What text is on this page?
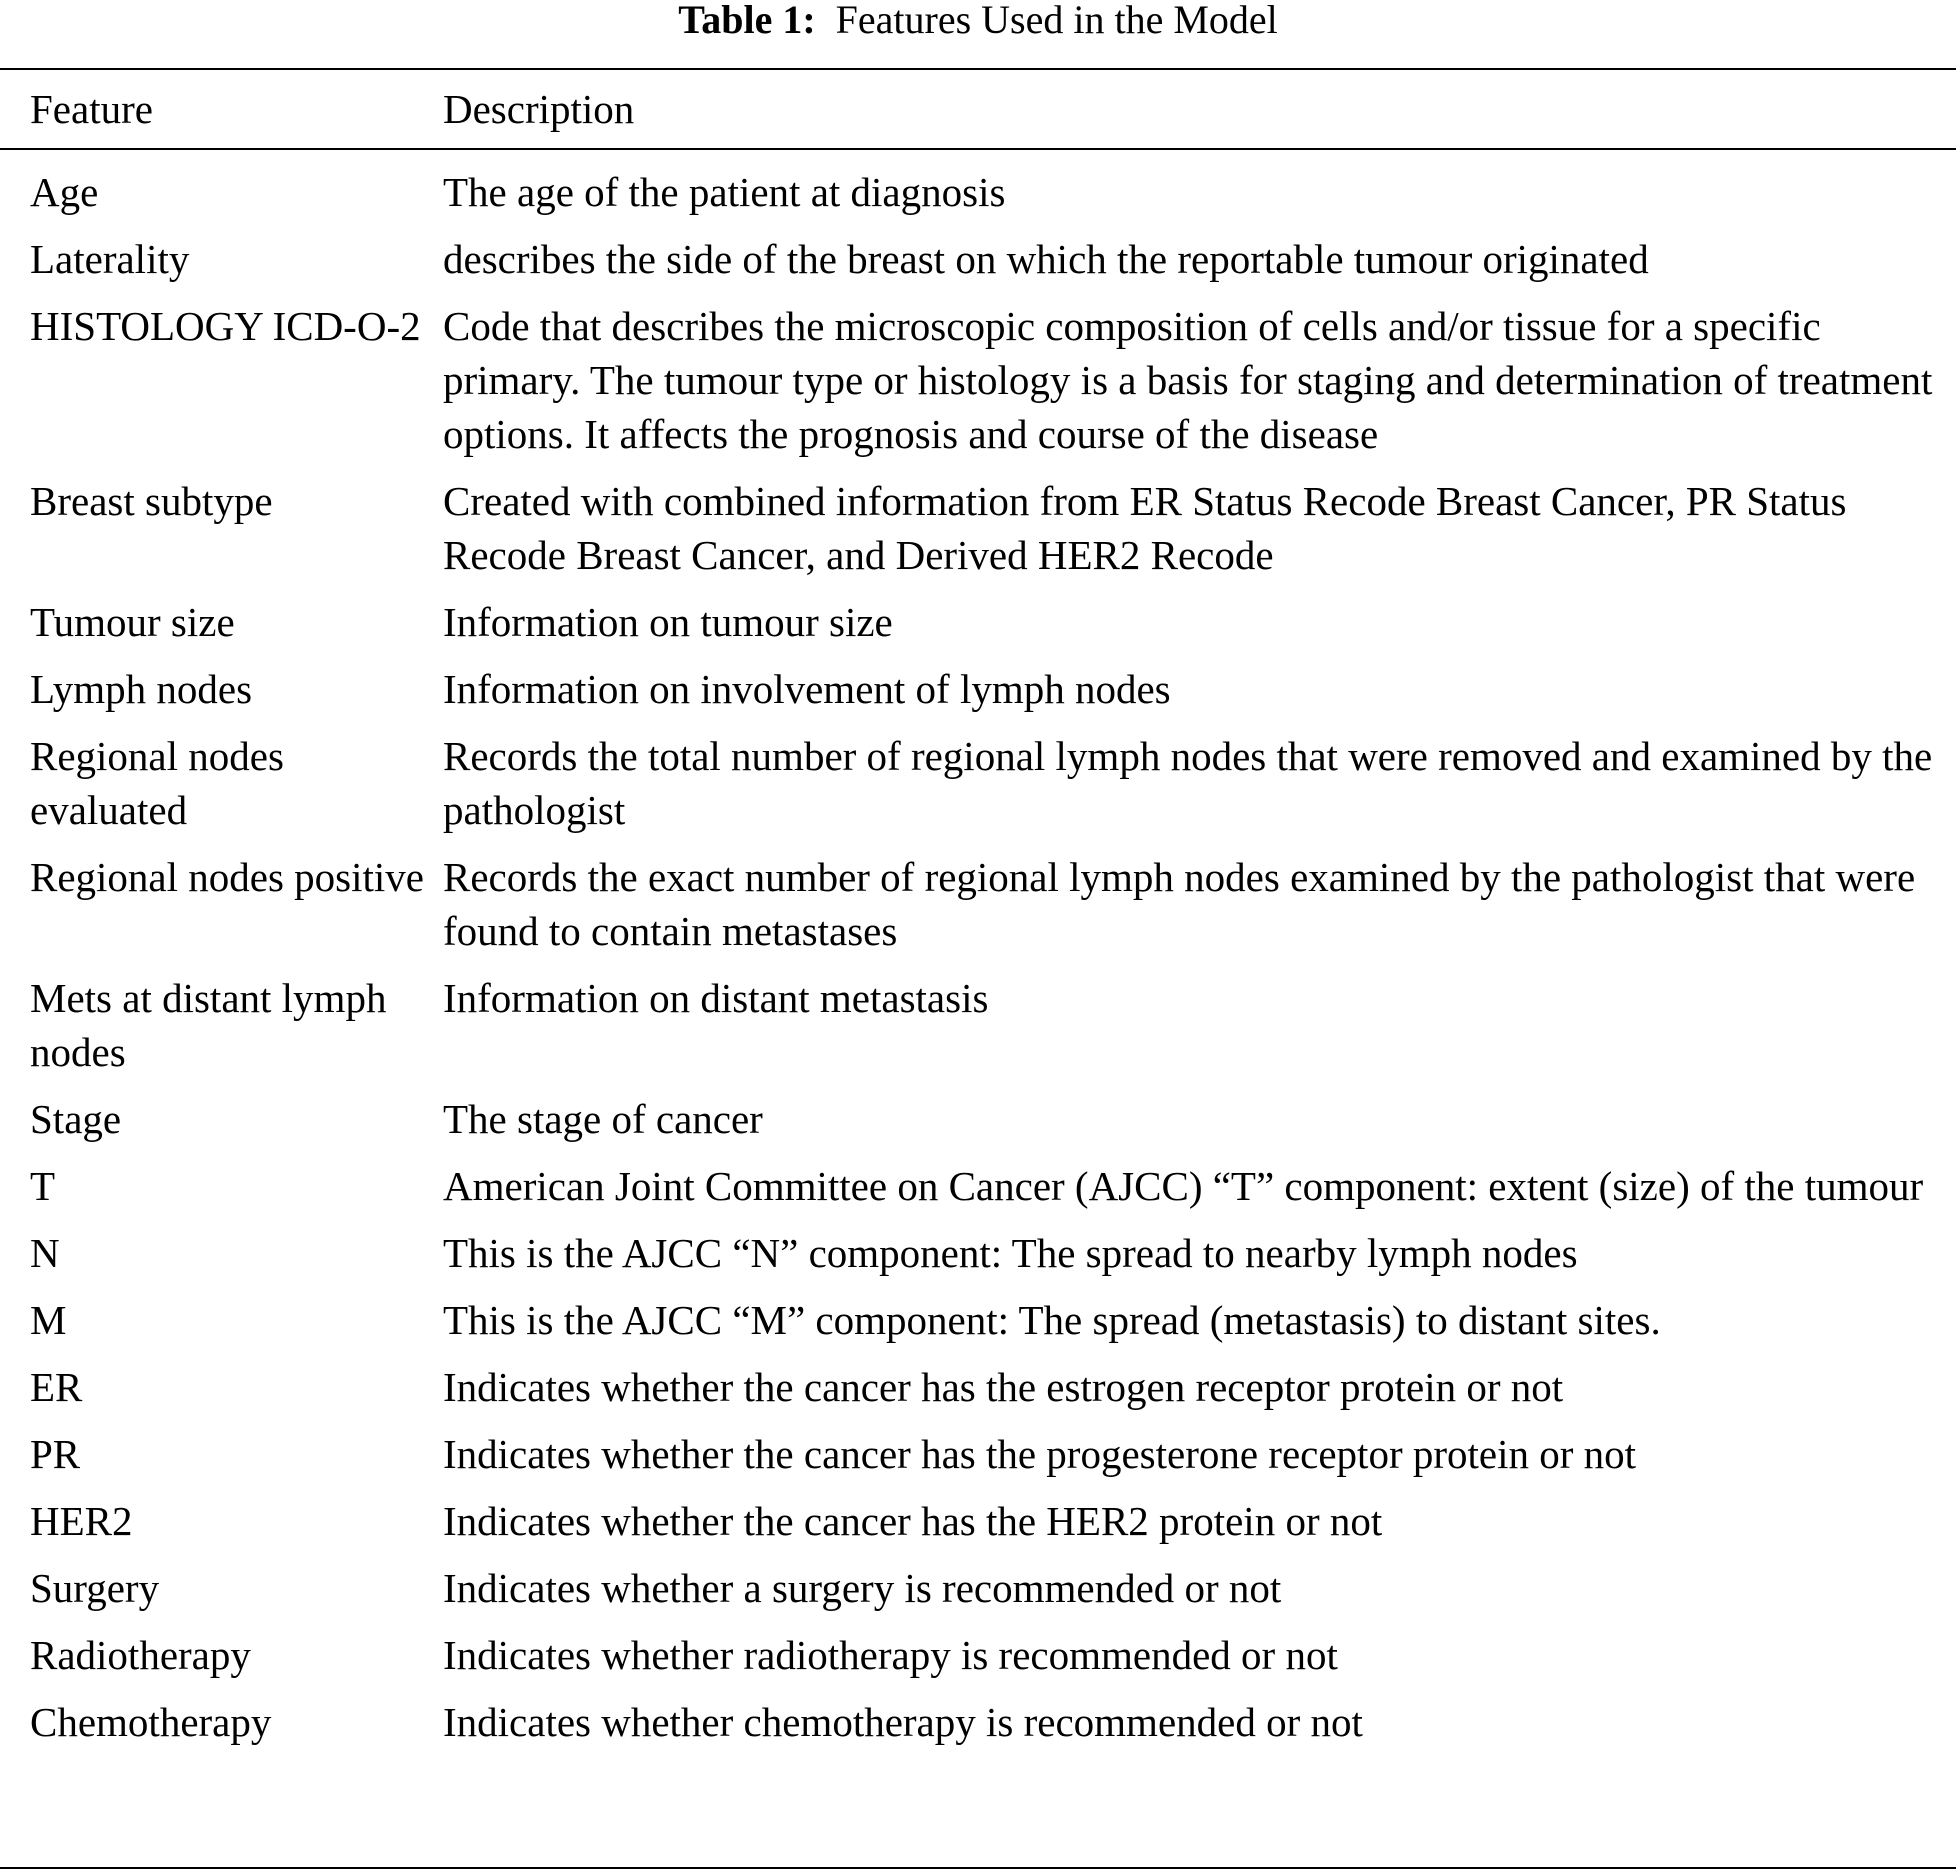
Table 1: Features Used in the Model
Feature	Description
Age	The age of the patient at diagnosis
Laterality	describes the side of the breast on which the reportable tumour originated
HISTOLOGY ICD-O-2	Code that describes the microscopic composition of cells and/or tissue for a specific primary. The tumour type or histology is a basis for staging and determination of treatment options. It affects the prognosis and course of the disease
Breast subtype	Created with combined information from ER Status Recode Breast Cancer, PR Status Recode Breast Cancer, and Derived HER2 Recode
Tumour size	Information on tumour size
Lymph nodes	Information on involvement of lymph nodes
Regional nodes evaluated	Records the total number of regional lymph nodes that were removed and examined by the pathologist
Regional nodes positive	Records the exact number of regional lymph nodes examined by the pathologist that were found to contain metastases
Mets at distant lymph nodes	Information on distant metastasis
Stage	The stage of cancer
T	American Joint Committee on Cancer (AJCC) “T” component: extent (size) of the tumour
N	This is the AJCC “N” component: The spread to nearby lymph nodes
M	This is the AJCC “M” component: The spread (metastasis) to distant sites.
ER	Indicates whether the cancer has the estrogen receptor protein or not
PR	Indicates whether the cancer has the progesterone receptor protein or not
HER2	Indicates whether the cancer has the HER2 protein or not
Surgery	Indicates whether a surgery is recommended or not
Radiotherapy	Indicates whether radiotherapy is recommended or not
Chemotherapy	Indicates whether chemotherapy is recommended or not
